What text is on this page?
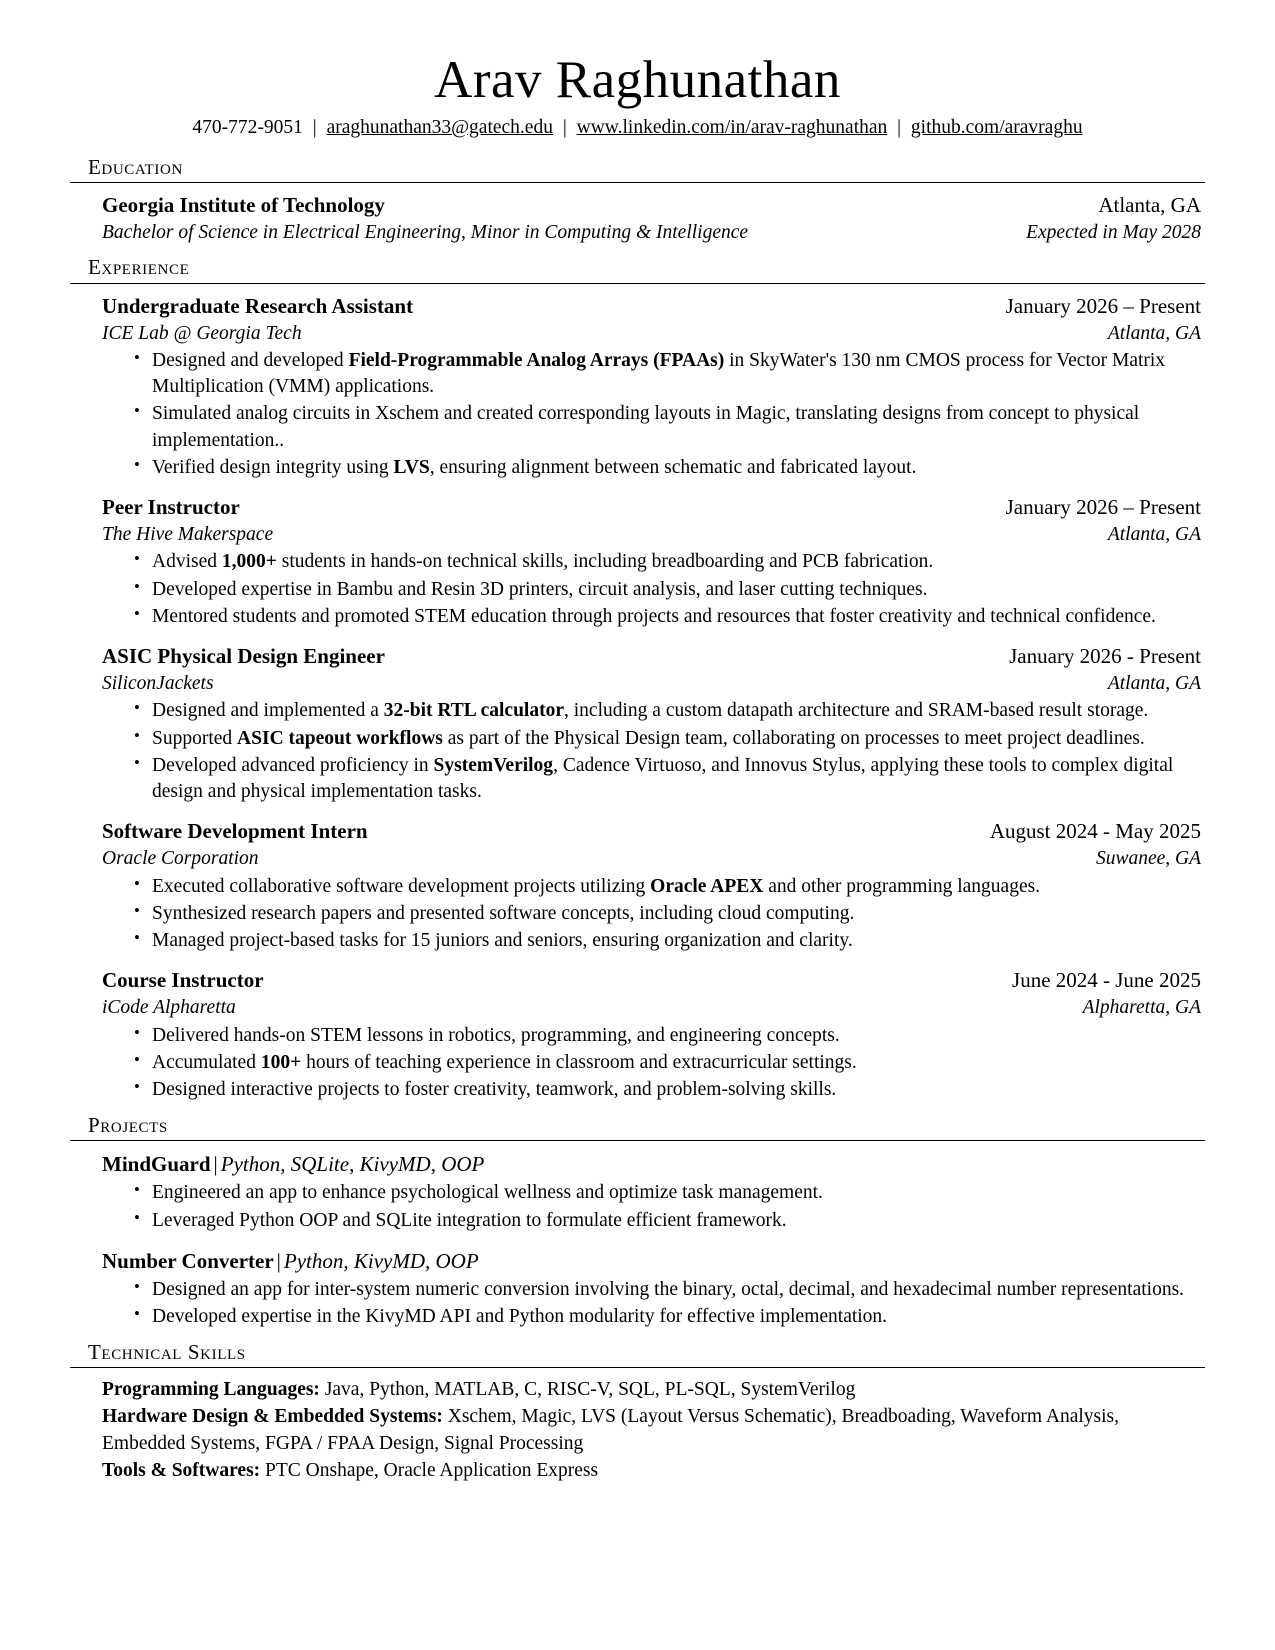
Arav Raghunathan
470-772-9051 | araghunathan33@gatech.edu | www.linkedin.com/in/arav-raghunathan | github.com/aravraghu
Education
Georgia Institute of Technology	Atlanta, GA
Bachelor of Science in Electrical Engineering, Minor in Computing & Intelligence	Expected in May 2028
Experience
Undergraduate Research Assistant	January 2026 – Present
ICE Lab @ Georgia Tech	Atlanta, GA
• Designed and developed Field-Programmable Analog Arrays (FPAAs) in SkyWater's 130 nm CMOS process for Vector Matrix Multiplication (VMM) applications.
• Simulated analog circuits in Xschem and created corresponding layouts in Magic, translating designs from concept to physical implementation..
• Verified design integrity using LVS, ensuring alignment between schematic and fabricated layout.
Peer Instructor	January 2026 – Present
The Hive Makerspace	Atlanta, GA
• Advised 1,000+ students in hands-on technical skills, including breadboarding and PCB fabrication.
• Developed expertise in Bambu and Resin 3D printers, circuit analysis, and laser cutting techniques.
• Mentored students and promoted STEM education through projects and resources that foster creativity and technical confidence.
ASIC Physical Design Engineer	January 2026 - Present
SiliconJackets	Atlanta, GA
• Designed and implemented a 32-bit RTL calculator, including a custom datapath architecture and SRAM-based result storage.
• Supported ASIC tapeout workflows as part of the Physical Design team, collaborating on processes to meet project deadlines.
• Developed advanced proficiency in SystemVerilog, Cadence Virtuoso, and Innovus Stylus, applying these tools to complex digital design and physical implementation tasks.
Software Development Intern	August 2024 - May 2025
Oracle Corporation	Suwanee, GA
• Executed collaborative software development projects utilizing Oracle APEX and other programming languages.
• Synthesized research papers and presented software concepts, including cloud computing.
• Managed project-based tasks for 15 juniors and seniors, ensuring organization and clarity.
Course Instructor	June 2024 - June 2025
iCode Alpharetta	Alpharetta, GA
• Delivered hands-on STEM lessons in robotics, programming, and engineering concepts.
• Accumulated 100+ hours of teaching experience in classroom and extracurricular settings.
• Designed interactive projects to foster creativity, teamwork, and problem-solving skills.
Projects
MindGuard | Python, SQLite, KivyMD, OOP
• Engineered an app to enhance psychological wellness and optimize task management.
• Leveraged Python OOP and SQLite integration to formulate efficient framework.
Number Converter | Python, KivyMD, OOP
• Designed an app for inter-system numeric conversion involving the binary, octal, decimal, and hexadecimal number representations.
• Developed expertise in the KivyMD API and Python modularity for effective implementation.
Technical Skills
Programming Languages: Java, Python, MATLAB, C, RISC-V, SQL, PL-SQL, SystemVerilog
Hardware Design & Embedded Systems: Xschem, Magic, LVS (Layout Versus Schematic), Breadboading, Waveform Analysis, Embedded Systems, FGPA / FPAA Design, Signal Processing
Tools & Softwares: PTC Onshape, Oracle Application Express
